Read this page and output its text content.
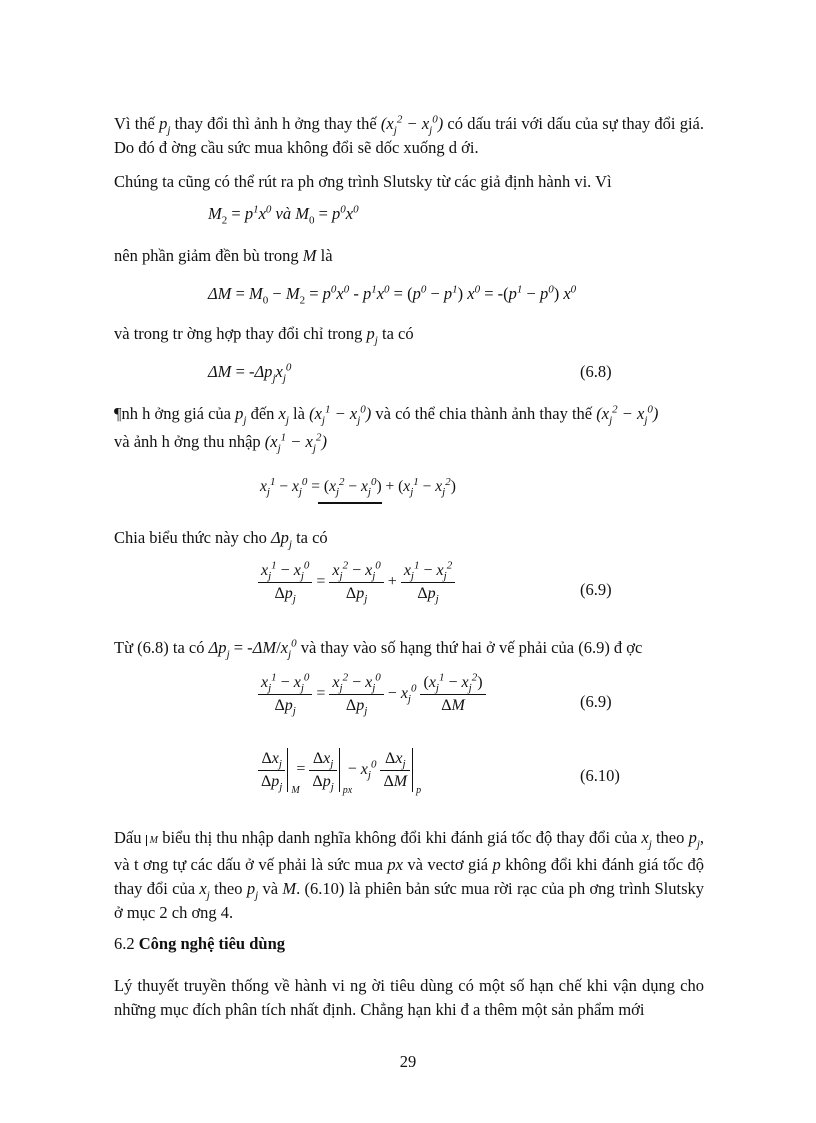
Vì thế $p_j$ thay đổi thì ảnh h ởng thay thế $(x_j^2 - x_j^0)$ có dấu trái với dấu của sự thay đổi giá. Do đó đ ờng cầu sức mua không đổi sẽ dốc xuống d ới.

Chúng ta cũng có thể rút ra ph ơng trình Slutsky từ các giả định hành vi. Vì

$M_2 = p^1x^0$ và $M_0 = p^0x^0$

nên phần giảm đền bù trong M là

$\Delta M = M_0 - M_2 = p^0x^0 - p^1x^0 = (p^0 - p^1) x^0 = -(p^1 - p^0)$ $x^0$

và trong tr ờng hợp thay đổi chỉ trong $p_j$ ta có

$\Delta M = -\Delta p_jx_j^0$	(6.8)

¶nh h ởng giá của $p_j$ đến $x_j$ là $(x_j^1 - x_j^0)$ và có thể chia thành ảnh thay thế $(x_j^2 - x_j^0)$

và ảnh h ởng thu nhập $(x_j^1 - x_j^2)$

$x_j^1 - x_j^0 = (x_j^2 - x_j^0) + (x_j^1 - x_j^2)$

Chia biểu thức này cho $\Delta p_j$ ta có

$\frac{x_j^1 - x_j^0}{\Delta p_j} = \frac{x_j^2 - x_j^0}{\Delta p_j} + \frac{x_j^1 - x_j^2}{\Delta p_j}$	(6.9)

Từ (6.8) ta có $\Delta p_j = -\Delta M/x_j^0$ và thay vào số hạng thứ hai ở vế phải của (6.9) đ ợc

$\frac{x_j^1 - x_j^0}{\Delta p_j} = \frac{x_j^2 - x_j^0}{\Delta p_j} - x_j^0 \frac{(x_j^1 - x_j^2)}{\Delta M}$	(6.9)
$\frac{\Delta x_j}{\Delta p_j}$ M
= $\frac{\Delta x_j}{\Delta p_j}$ px
− $x_j^0 \frac{\Delta x_j}{\Delta M}$ p
(6.10)

Dấu M biểu thị thu nhập danh nghĩa không đổi khi đánh giá tốc độ thay đổi của $x_j$ theo $p_j$, và t ơng tự các dấu ở vế phải là sức mua px và vectơ giá p không đổi khi đánh giá tốc độ thay đổi của $x_j$ theo $p_j$ và M. (6.10) là phiên bản sức mua rời rạc của ph ơng trình Slutsky ở mục 2 ch ơng 4.

6.2 Công nghệ tiêu dùng

Lý thuyết truyền thống về hành vi ng ời tiêu dùng có một số hạn chế khi vận dụng cho những mục đích phân tích nhất định. Chẳng hạn khi đ a thêm một sản phẩm mới

29
